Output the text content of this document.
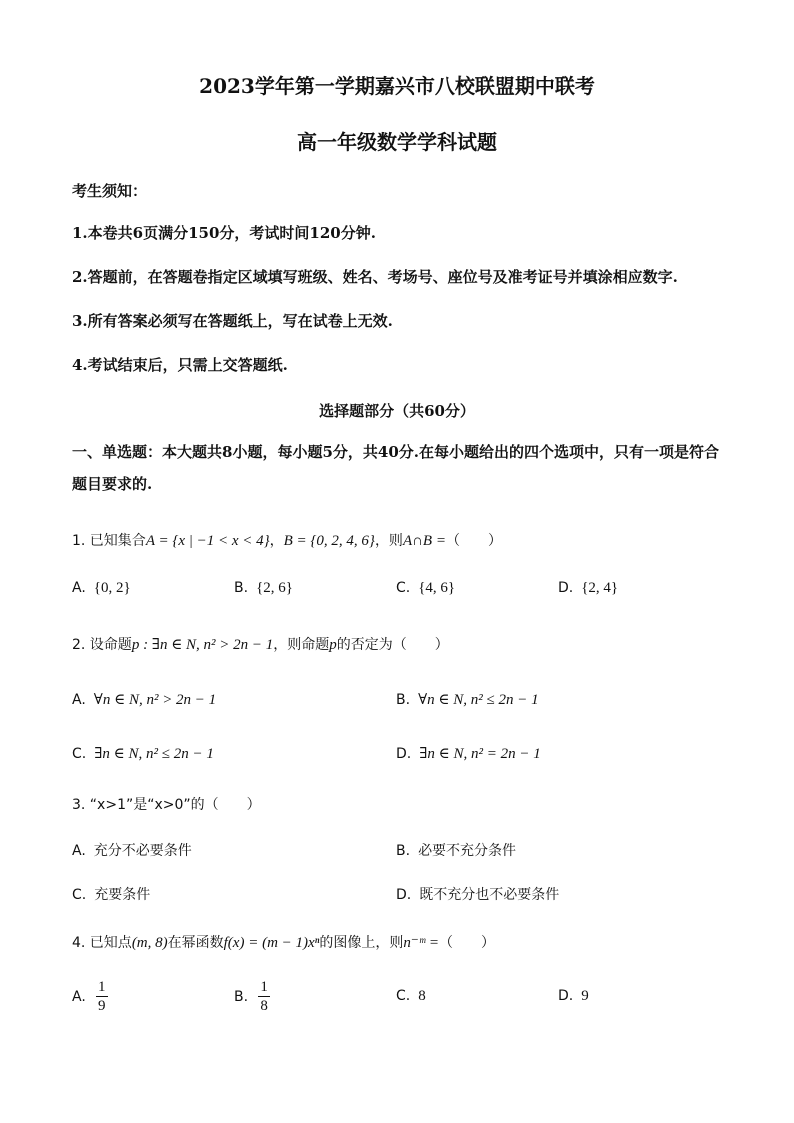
2023学年第一学期嘉兴市八校联盟期中联考
高一年级数学学科试题
考生须知：
1.本卷共6页满分150分，考试时间120分钟.
2.答题前，在答题卷指定区域填写班级、姓名、考场号、座位号及准考证号并填涂相应数字.
3.所有答案必须写在答题纸上，写在试卷上无效.
4.考试结束后，只需上交答题纸.
选择题部分（共60分）
一、单选题：本大题共8小题，每小题5分，共40分.在每小题给出的四个选项中，只有一项是符合题目要求的.
1. 已知集合A = {x | −1 < x < 4}，B = {0, 2, 4, 6}，则A∩B =（　　）
A. {0, 2}	B. {2, 6}	C. {4, 6}	D. {2, 4}
2. 设命题p : ∃n ∈ N, n² > 2n − 1，则命题p的否定为（　　）
A. ∀n ∈ N, n² > 2n − 1	B. ∀n ∈ N, n² ≤ 2n − 1
C. ∃n ∈ N, n² ≤ 2n − 1	D. ∃n ∈ N, n² = 2n − 1
3. “x>1”是“x>0”的（　　）
A. 充分不必要条件	B. 必要不充分条件
C. 充要条件	D. 既不充分也不必要条件
4. 已知点(m, 8)在幂函数f(x) = (m − 1)xⁿ的图像上，则n⁻ᵐ =（　　）
A. $\frac{1}{9}$	B. $\frac{1}{8}$	C. 8	D. 9
